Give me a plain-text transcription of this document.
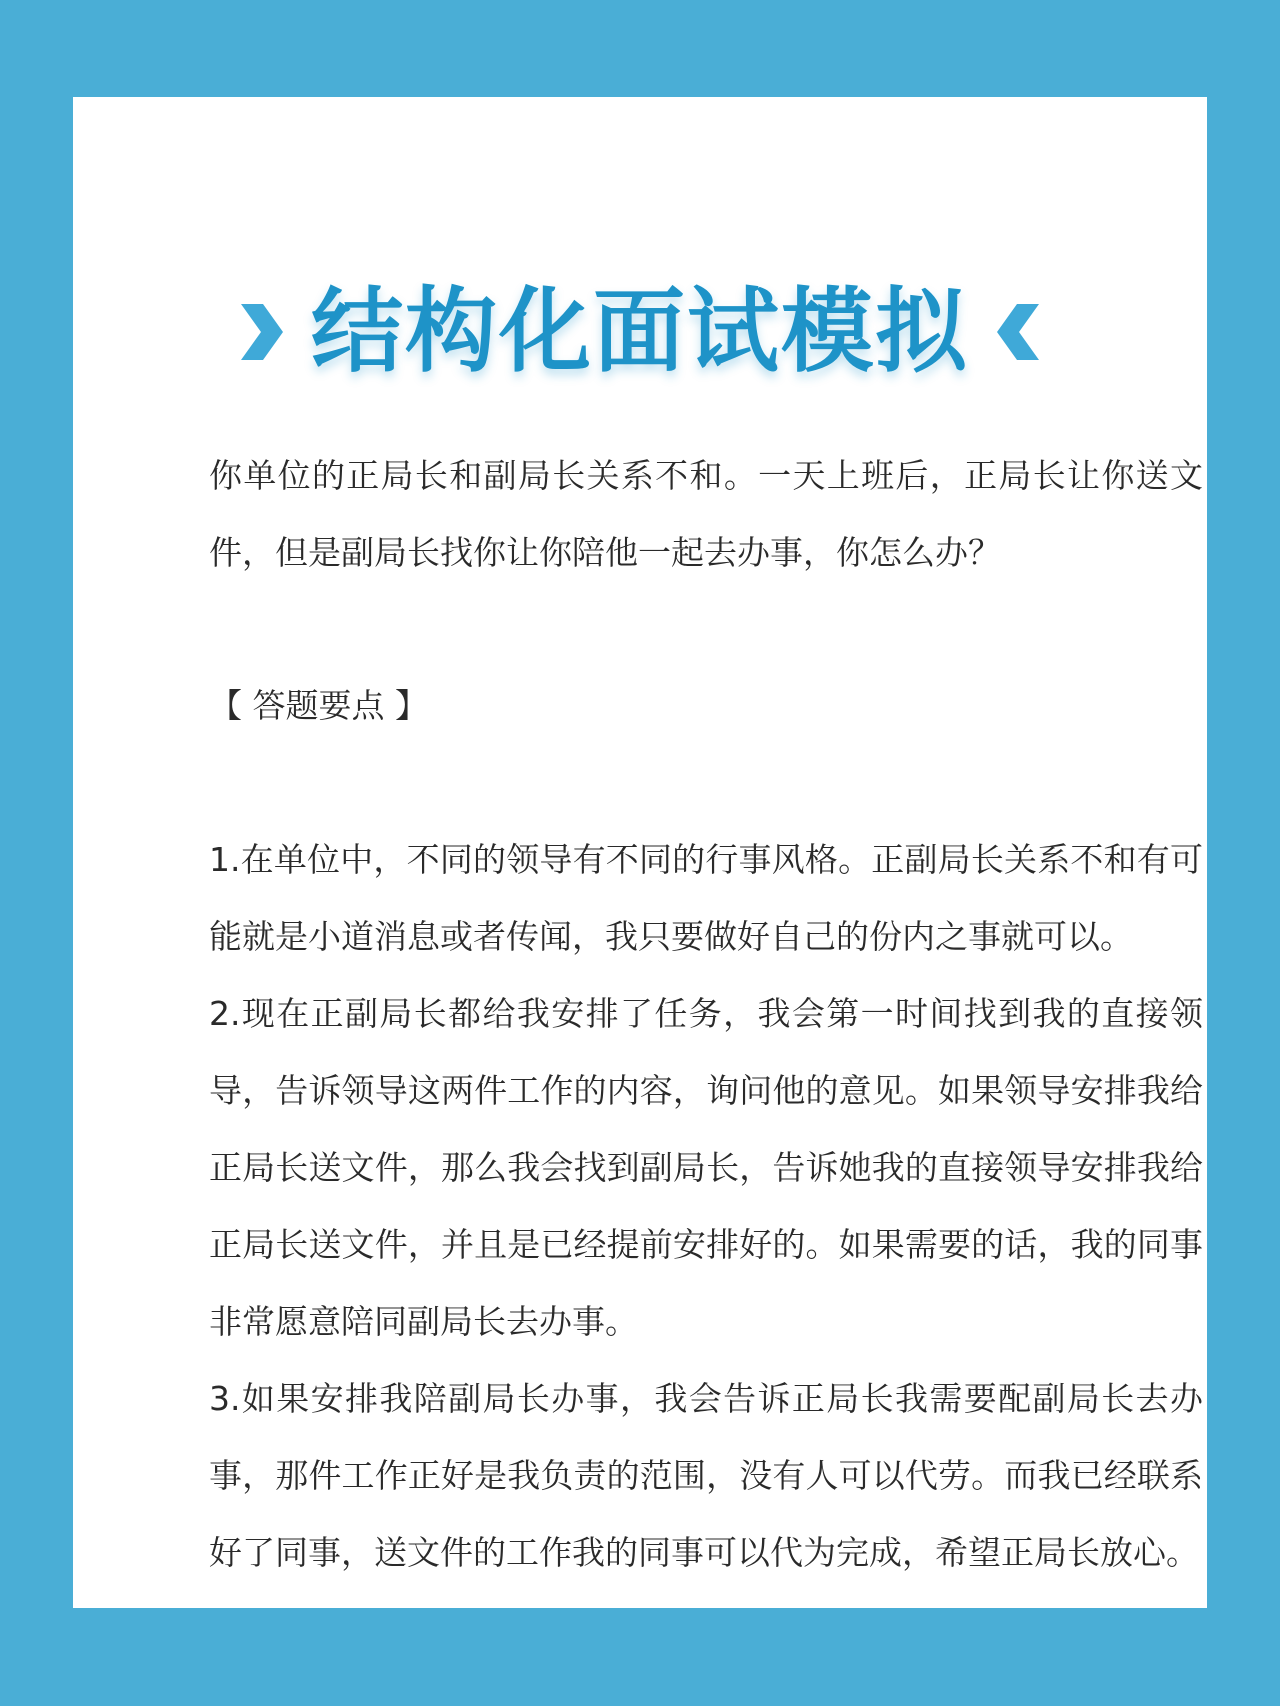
结构化面试模拟

你单位的正局长和副局长关系不和。一天上班后，正局长让你送文件，但是副局长找你让你陪他一起去办事，你怎么办？

【 答题要点 】

1.在单位中，不同的领导有不同的行事风格。正副局长关系不和有可能就是小道消息或者传闻，我只要做好自己的份内之事就可以。

2.现在正副局长都给我安排了任务，我会第一时间找到我的直接领导，告诉领导这两件工作的内容，询问他的意见。如果领导安排我给正局长送文件，那么我会找到副局长，告诉她我的直接领导安排我给正局长送文件，并且是已经提前安排好的。如果需要的话，我的同事非常愿意陪同副局长去办事。

3.如果安排我陪副局长办事，我会告诉正局长我需要配副局长去办事，那件工作正好是我负责的范围，没有人可以代劳。而我已经联系好了同事，送文件的工作我的同事可以代为完成，希望正局长放心。
